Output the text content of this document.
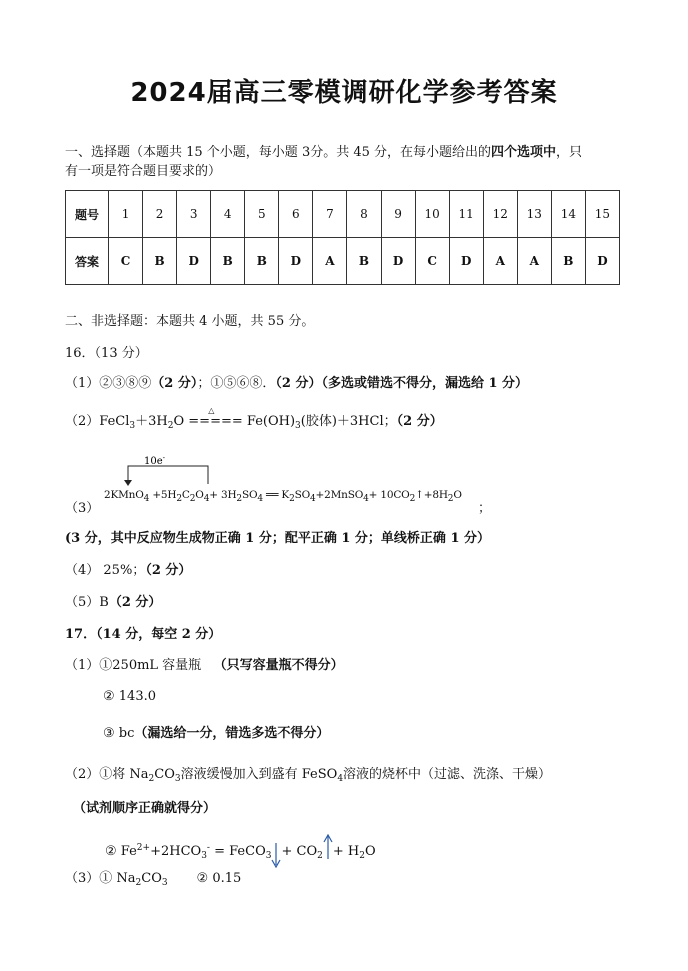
2024届高三零模调研化学参考答案
一、选择题（本题共 15 个小题，每小题 3分。共 45 分，在每小题给出的四个选项中，只
有一项是符合题目要求的）
题号	1	2	3	4	5	6	7	8	9	10	11	12	13	14	15
答案	C	B	D	B	B	D	A	B	D	C	D	A	A	B	D
二、非选择题：本题共 4 小题，共 55 分。
16．（13 分）
（1）②③⑧⑨（2 分）；①⑤⑥⑧．（2 分）（多选或错选不得分，漏选给 1 分）
$(2)FeCl_3+3H_2O$
△
===== $Fe(OH)_3$(胶体)＋3HCl；（2 分）
（3）
10e-
2KMnO$_4$ $+5H_2C_2O_4+ 3H_2SO_4$ ══ $K_2SO_4+2MnSO_4+$ $10CO_2↑+8H_2O$
；
(3 分，其中反应物生成物正确 1 分；配平正确 1 分；单线桥正确 1 分）
（4） 25%；（2 分）
（5）B（2 分）
17．（14 分，每空 2 分）
（1）①250mL 容量瓶 （只写容量瓶不得分）
② 143.0
③ bc（漏选给一分，错选多选不得分）
（2）①将 $Na_2CO_3$溶液缓慢加入到盛有 FeSO$_4$溶液的烧杯中（过滤、洗涤、干燥）
（试剂顺序正确就得分）
② $Fe^{2+}+2HCO_3^-$ = FeCO$_3$ + $CO_2 + H_2O$
（3）① $Na_2CO_3$ ② 0.15
